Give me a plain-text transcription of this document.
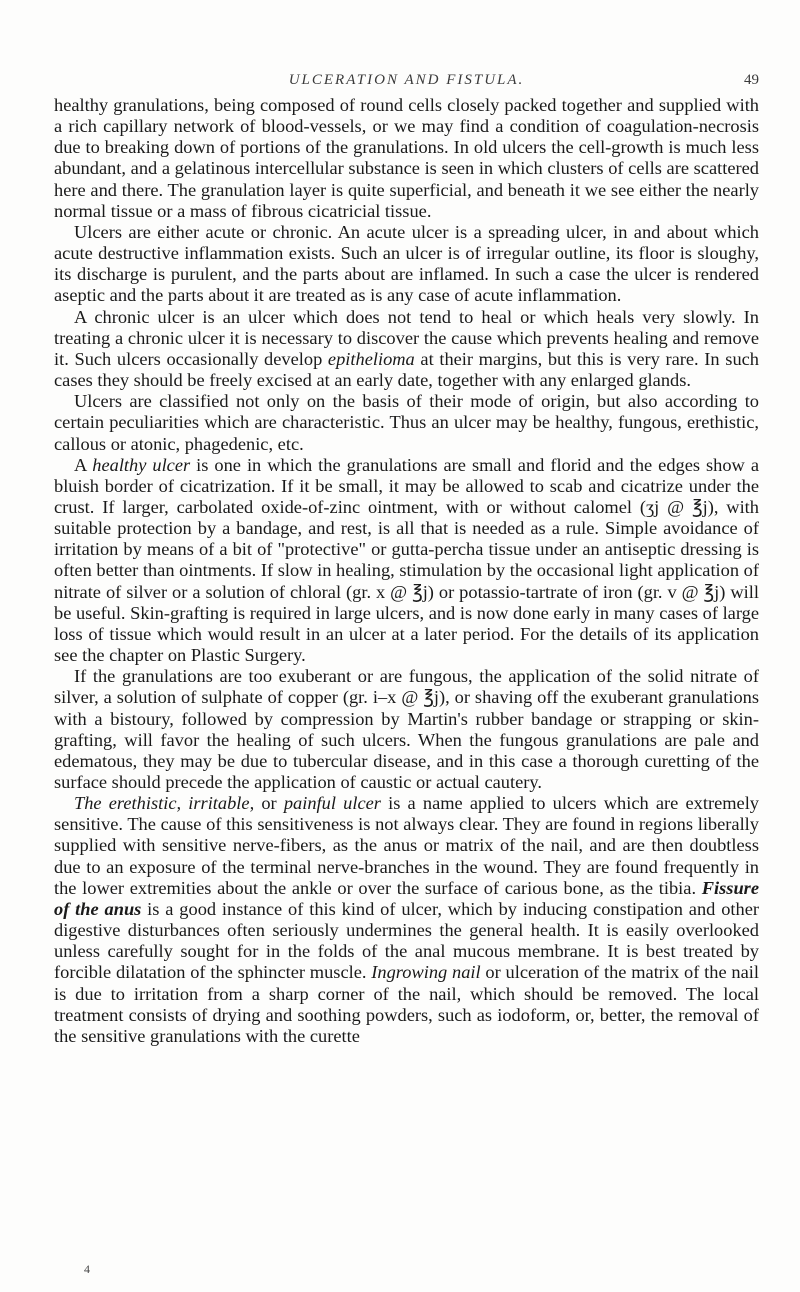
ULCERATION AND FISTULA.	49

healthy granulations, being composed of round cells closely packed together and supplied with a rich capillary network of blood-vessels, or we may find a condition of coagulation-necrosis due to breaking down of portions of the granulations. In old ulcers the cell-growth is much less abundant, and a gelatinous intercellular substance is seen in which clusters of cells are scattered here and there. The granulation layer is quite superficial, and beneath it we see either the nearly normal tissue or a mass of fibrous cicatricial tissue.

Ulcers are either acute or chronic. An acute ulcer is a spreading ulcer, in and about which acute destructive inflammation exists. Such an ulcer is of irregular outline, its floor is sloughy, its discharge is purulent, and the parts about are inflamed. In such a case the ulcer is rendered aseptic and the parts about it are treated as is any case of acute inflammation.

A chronic ulcer is an ulcer which does not tend to heal or which heals very slowly. In treating a chronic ulcer it is necessary to discover the cause which prevents healing and remove it. Such ulcers occasionally develop epithelioma at their margins, but this is very rare. In such cases they should be freely excised at an early date, together with any enlarged glands.

Ulcers are classified not only on the basis of their mode of origin, but also according to certain peculiarities which are characteristic. Thus an ulcer may be healthy, fungous, erethistic, callous or atonic, phagedenic, etc.

A healthy ulcer is one in which the granulations are small and florid and the edges show a bluish border of cicatrization. If it be small, it may be allowed to scab and cicatrize under the crust. If larger, carbolated oxide-of-zinc ointment, with or without calomel (ʒj @ ℥j), with suitable protection by a bandage, and rest, is all that is needed as a rule. Simple avoidance of irritation by means of a bit of "protective" or gutta-percha tissue under an antiseptic dressing is often better than ointments. If slow in healing, stimulation by the occasional light application of nitrate of silver or a solution of chloral (gr. x @ ℥j) or potassio-tartrate of iron (gr. v @ ℥j) will be useful. Skin-grafting is required in large ulcers, and is now done early in many cases of large loss of tissue which would result in an ulcer at a later period. For the details of its application see the chapter on Plastic Surgery.

If the granulations are too exuberant or are fungous, the application of the solid nitrate of silver, a solution of sulphate of copper (gr. i–x @ ℥j), or shaving off the exuberant granulations with a bistoury, followed by compression by Martin's rubber bandage or strapping or skin-grafting, will favor the healing of such ulcers. When the fungous granulations are pale and edematous, they may be due to tubercular disease, and in this case a thorough curetting of the surface should precede the application of caustic or actual cautery.

The erethistic, irritable, or painful ulcer is a name applied to ulcers which are extremely sensitive. The cause of this sensitiveness is not always clear. They are found in regions liberally supplied with sensitive nerve-fibers, as the anus or matrix of the nail, and are then doubtless due to an exposure of the terminal nerve-branches in the wound. They are found frequently in the lower extremities about the ankle or over the surface of carious bone, as the tibia. Fissure of the anus is a good instance of this kind of ulcer, which by inducing constipation and other digestive disturbances often seriously undermines the general health. It is easily overlooked unless carefully sought for in the folds of the anal mucous membrane. It is best treated by forcible dilatation of the sphincter muscle. Ingrowing nail or ulceration of the matrix of the nail is due to irritation from a sharp corner of the nail, which should be removed. The local treatment consists of drying and soothing powders, such as iodoform, or, better, the removal of the sensitive granulations with the curette

4
